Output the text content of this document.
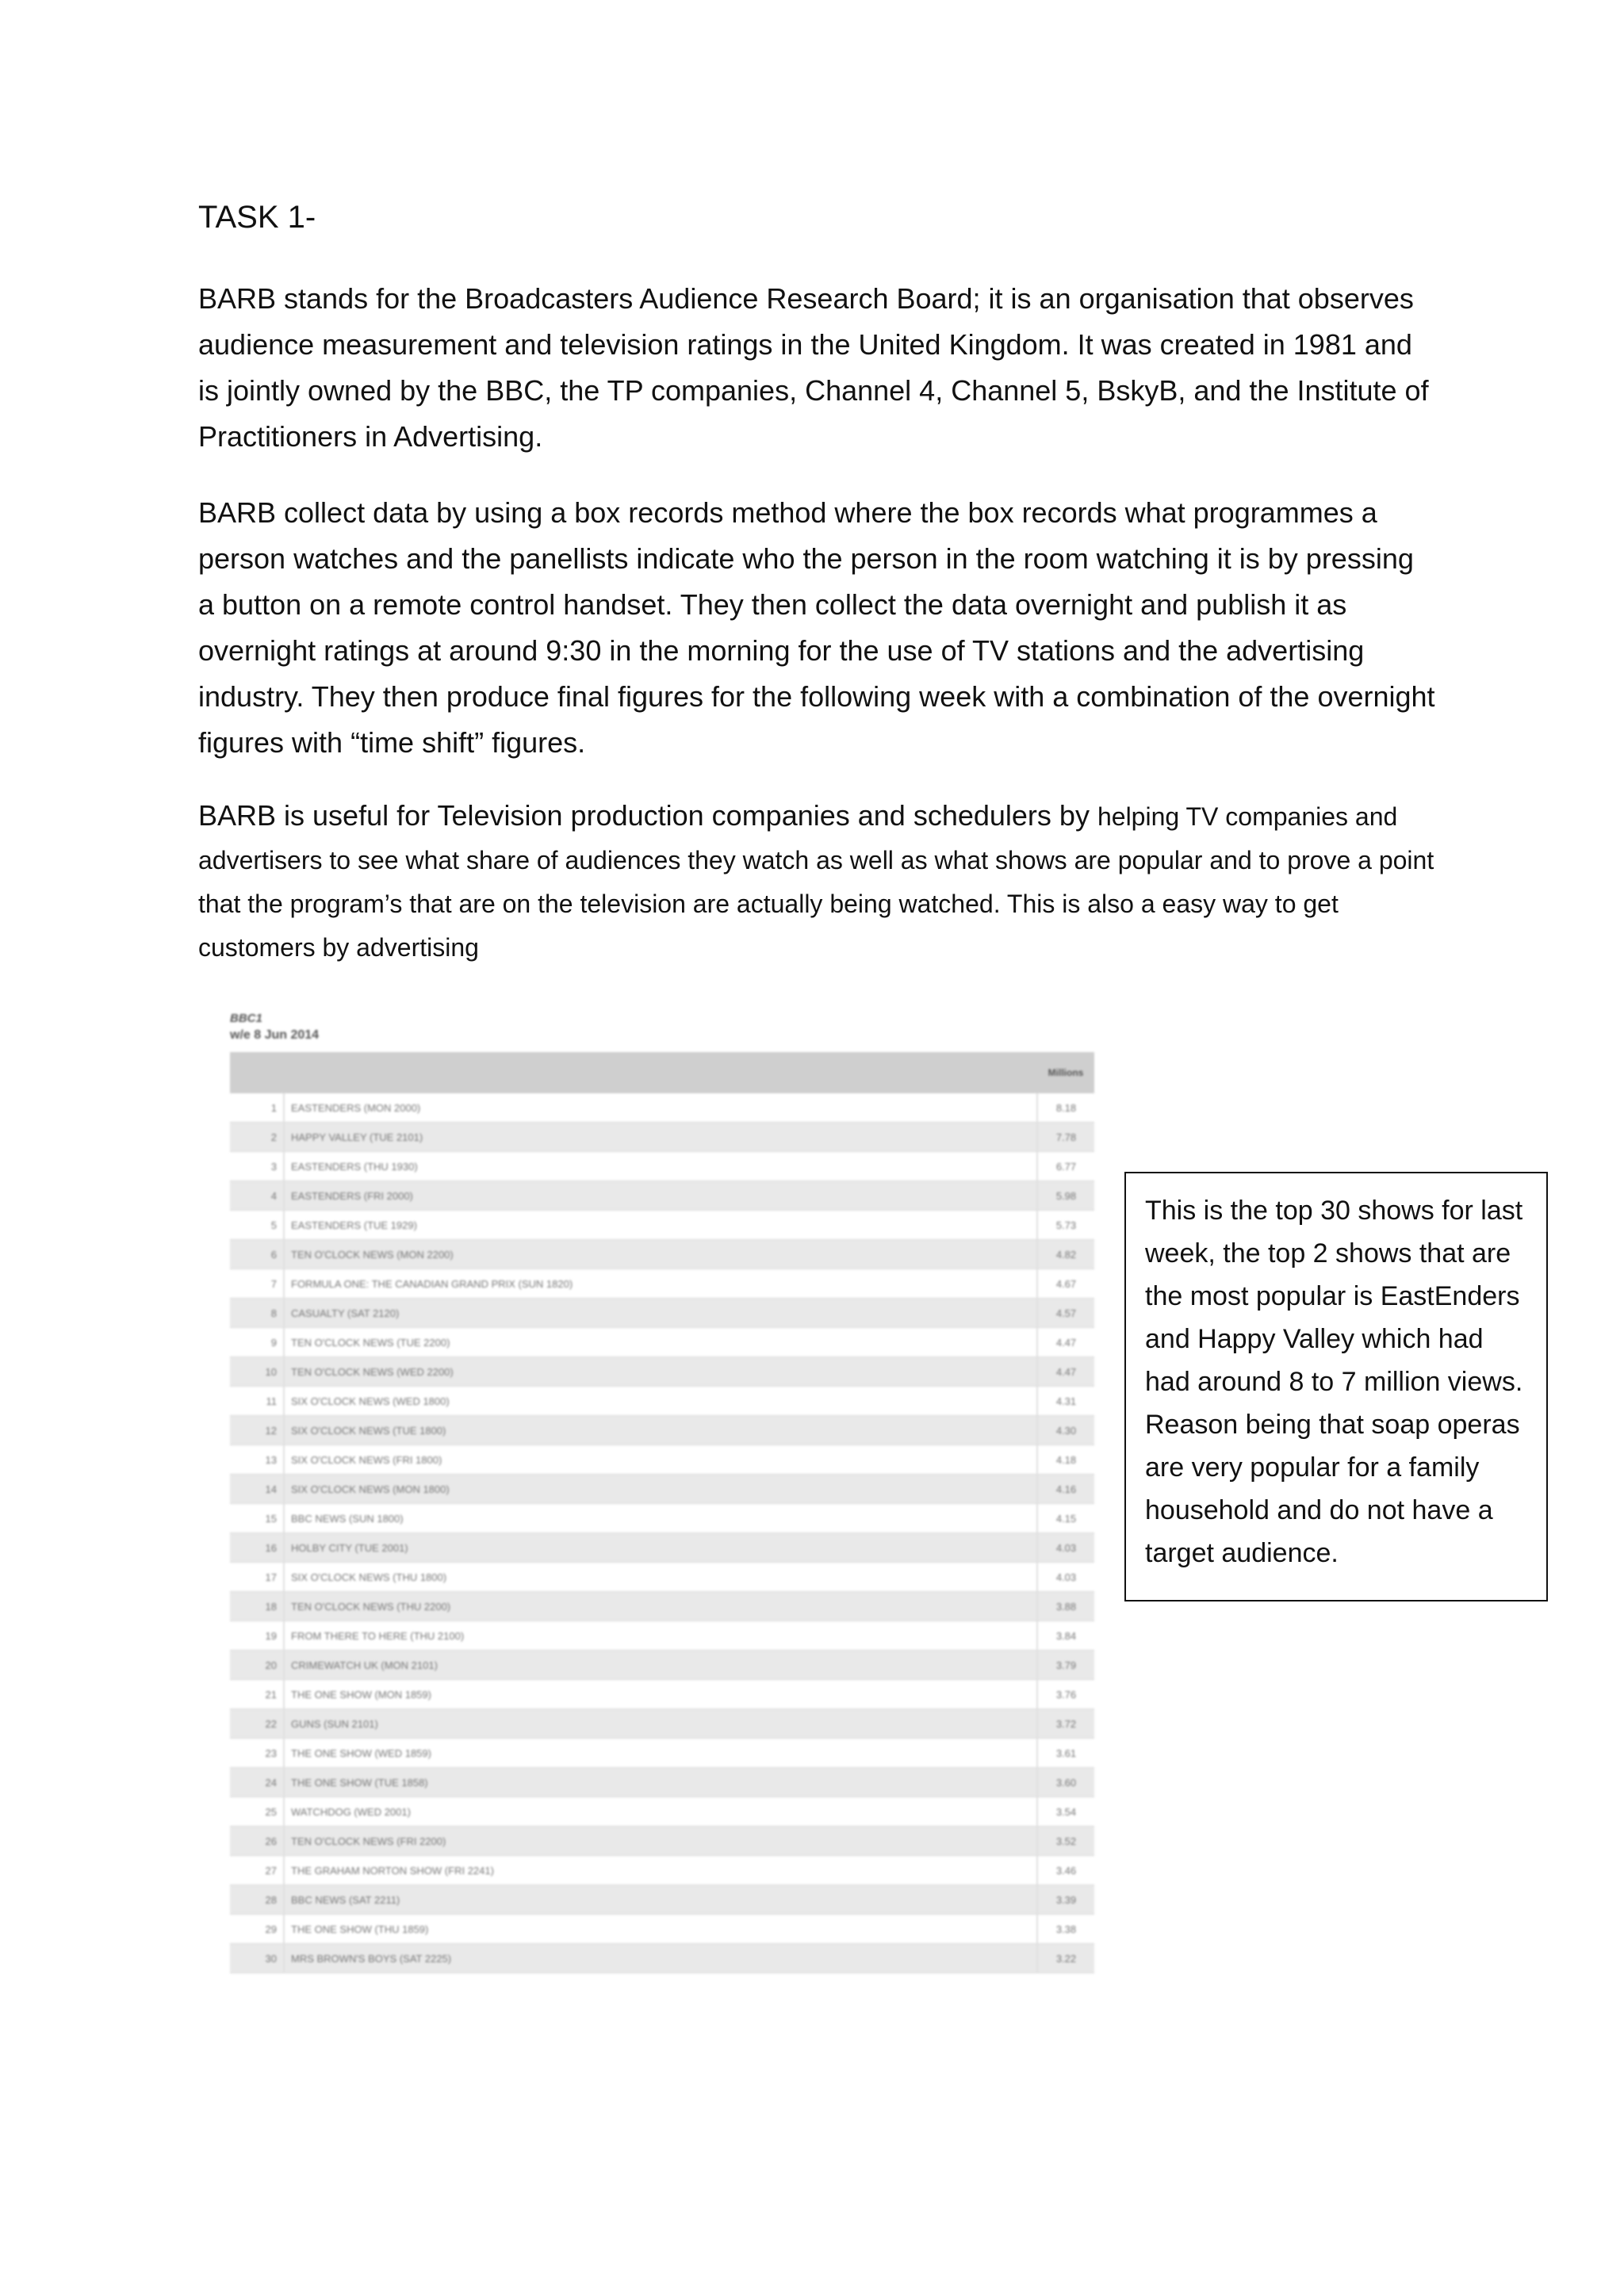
TASK 1-

BARB stands for the Broadcasters Audience Research Board; it is an organisation that observes audience measurement and television ratings in the United Kingdom. It was created in 1981 and is jointly owned by the BBC, the TP companies, Channel 4, Channel 5, BskyB, and the Institute of Practitioners in Advertising.

BARB collect data by using a box records method where the box records what programmes a person watches and the panellists indicate who the person in the room watching it is by pressing a button on a remote control handset. They then collect the data overnight and publish it as overnight ratings at around 9:30 in the morning for the use of TV stations and the advertising industry. They then produce final figures for the following week with a combination of the overnight figures with “time shift” figures.

BARB is useful for Television production companies and schedulers by helping TV companies and advertisers to see what share of audiences they watch as well as what shows are popular and to prove a point that the program’s that are on the television are actually being watched. This is also a easy way to get customers by advertising

BBC1
w/e 8 Jun 2014
		Millions
1	EASTENDERS (MON 2000)	8.18
2	HAPPY VALLEY (TUE 2101)	7.78
3	EASTENDERS (THU 1930)	6.77
4	EASTENDERS (FRI 2000)	5.98
5	EASTENDERS (TUE 1929)	5.73
6	TEN O'CLOCK NEWS (MON 2200)	4.82
7	FORMULA ONE: THE CANADIAN GRAND PRIX (SUN 1820)	4.67
8	CASUALTY (SAT 2120)	4.57
9	TEN O'CLOCK NEWS (TUE 2200)	4.47
10	TEN O'CLOCK NEWS (WED 2200)	4.47
11	SIX O'CLOCK NEWS (WED 1800)	4.31
12	SIX O'CLOCK NEWS (TUE 1800)	4.30
13	SIX O'CLOCK NEWS (FRI 1800)	4.18
14	SIX O'CLOCK NEWS (MON 1800)	4.16
15	BBC NEWS (SUN 1800)	4.15
16	HOLBY CITY (TUE 2001)	4.03
17	SIX O'CLOCK NEWS (THU 1800)	4.03
18	TEN O'CLOCK NEWS (THU 2200)	3.88
19	FROM THERE TO HERE (THU 2100)	3.84
20	CRIMEWATCH UK (MON 2101)	3.79
21	THE ONE SHOW (MON 1859)	3.76
22	GUNS (SUN 2101)	3.72
23	THE ONE SHOW (WED 1859)	3.61
24	THE ONE SHOW (TUE 1858)	3.60
25	WATCHDOG (WED 2001)	3.54
26	TEN O'CLOCK NEWS (FRI 2200)	3.52
27	THE GRAHAM NORTON SHOW (FRI 2241)	3.46
28	BBC NEWS (SAT 2211)	3.39
29	THE ONE SHOW (THU 1859)	3.38
30	MRS BROWN'S BOYS (SAT 2225)	3.22
This is the top 30 shows for last week, the top 2 shows that are the most popular is EastEnders and Happy Valley which had had around 8 to 7 million views. Reason being that soap operas are very popular for a family household and do not have a target audience.
